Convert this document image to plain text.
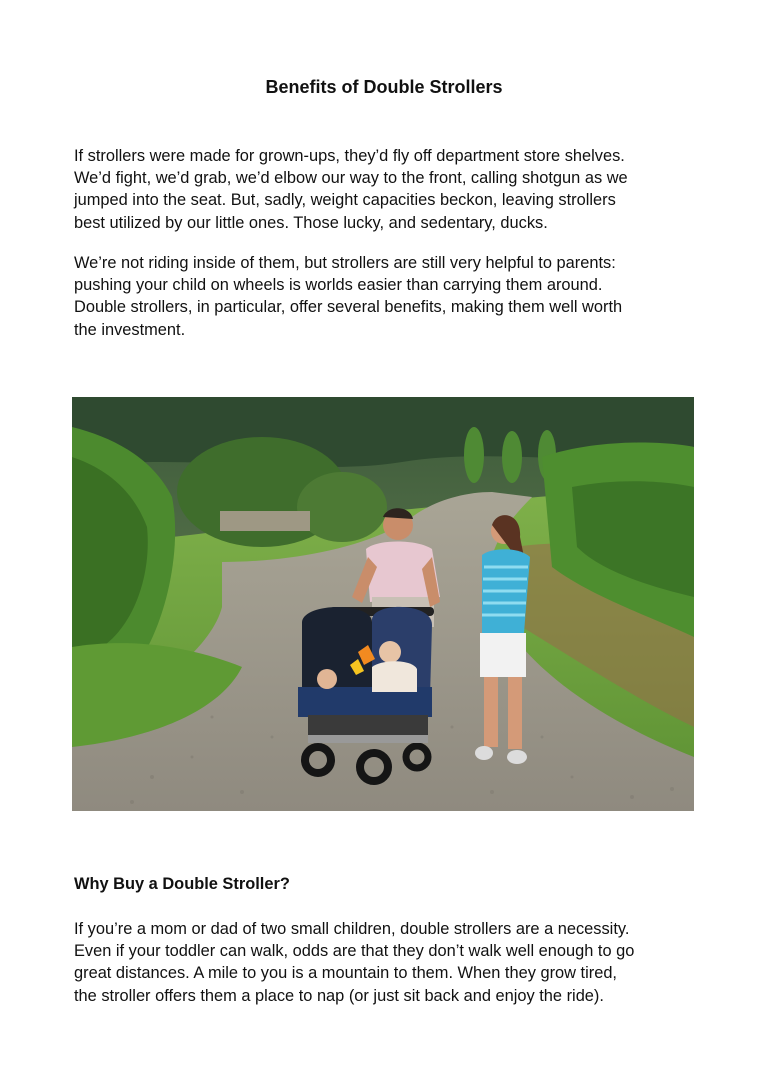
Benefits of Double Strollers

If strollers were made for grown-ups, they’d fly off department store shelves.
We’d fight, we’d grab, we’d elbow our way to the front, calling shotgun as we
jumped into the seat. But, sadly, weight capacities beckon, leaving strollers
best utilized by our little ones. Those lucky, and sedentary, ducks.

We’re not riding inside of them, but strollers are still very helpful to parents:
pushing your child on wheels is worlds easier than carrying them around.
Double strollers, in particular, offer several benefits, making them well worth
the investment.

Why Buy a Double Stroller?

If you’re a mom or dad of two small children, double strollers are a necessity.
Even if your toddler can walk, odds are that they don’t walk well enough to go
great distances. A mile to you is a mountain to them. When they grow tired,
the stroller offers them a place to nap (or just sit back and enjoy the ride).
